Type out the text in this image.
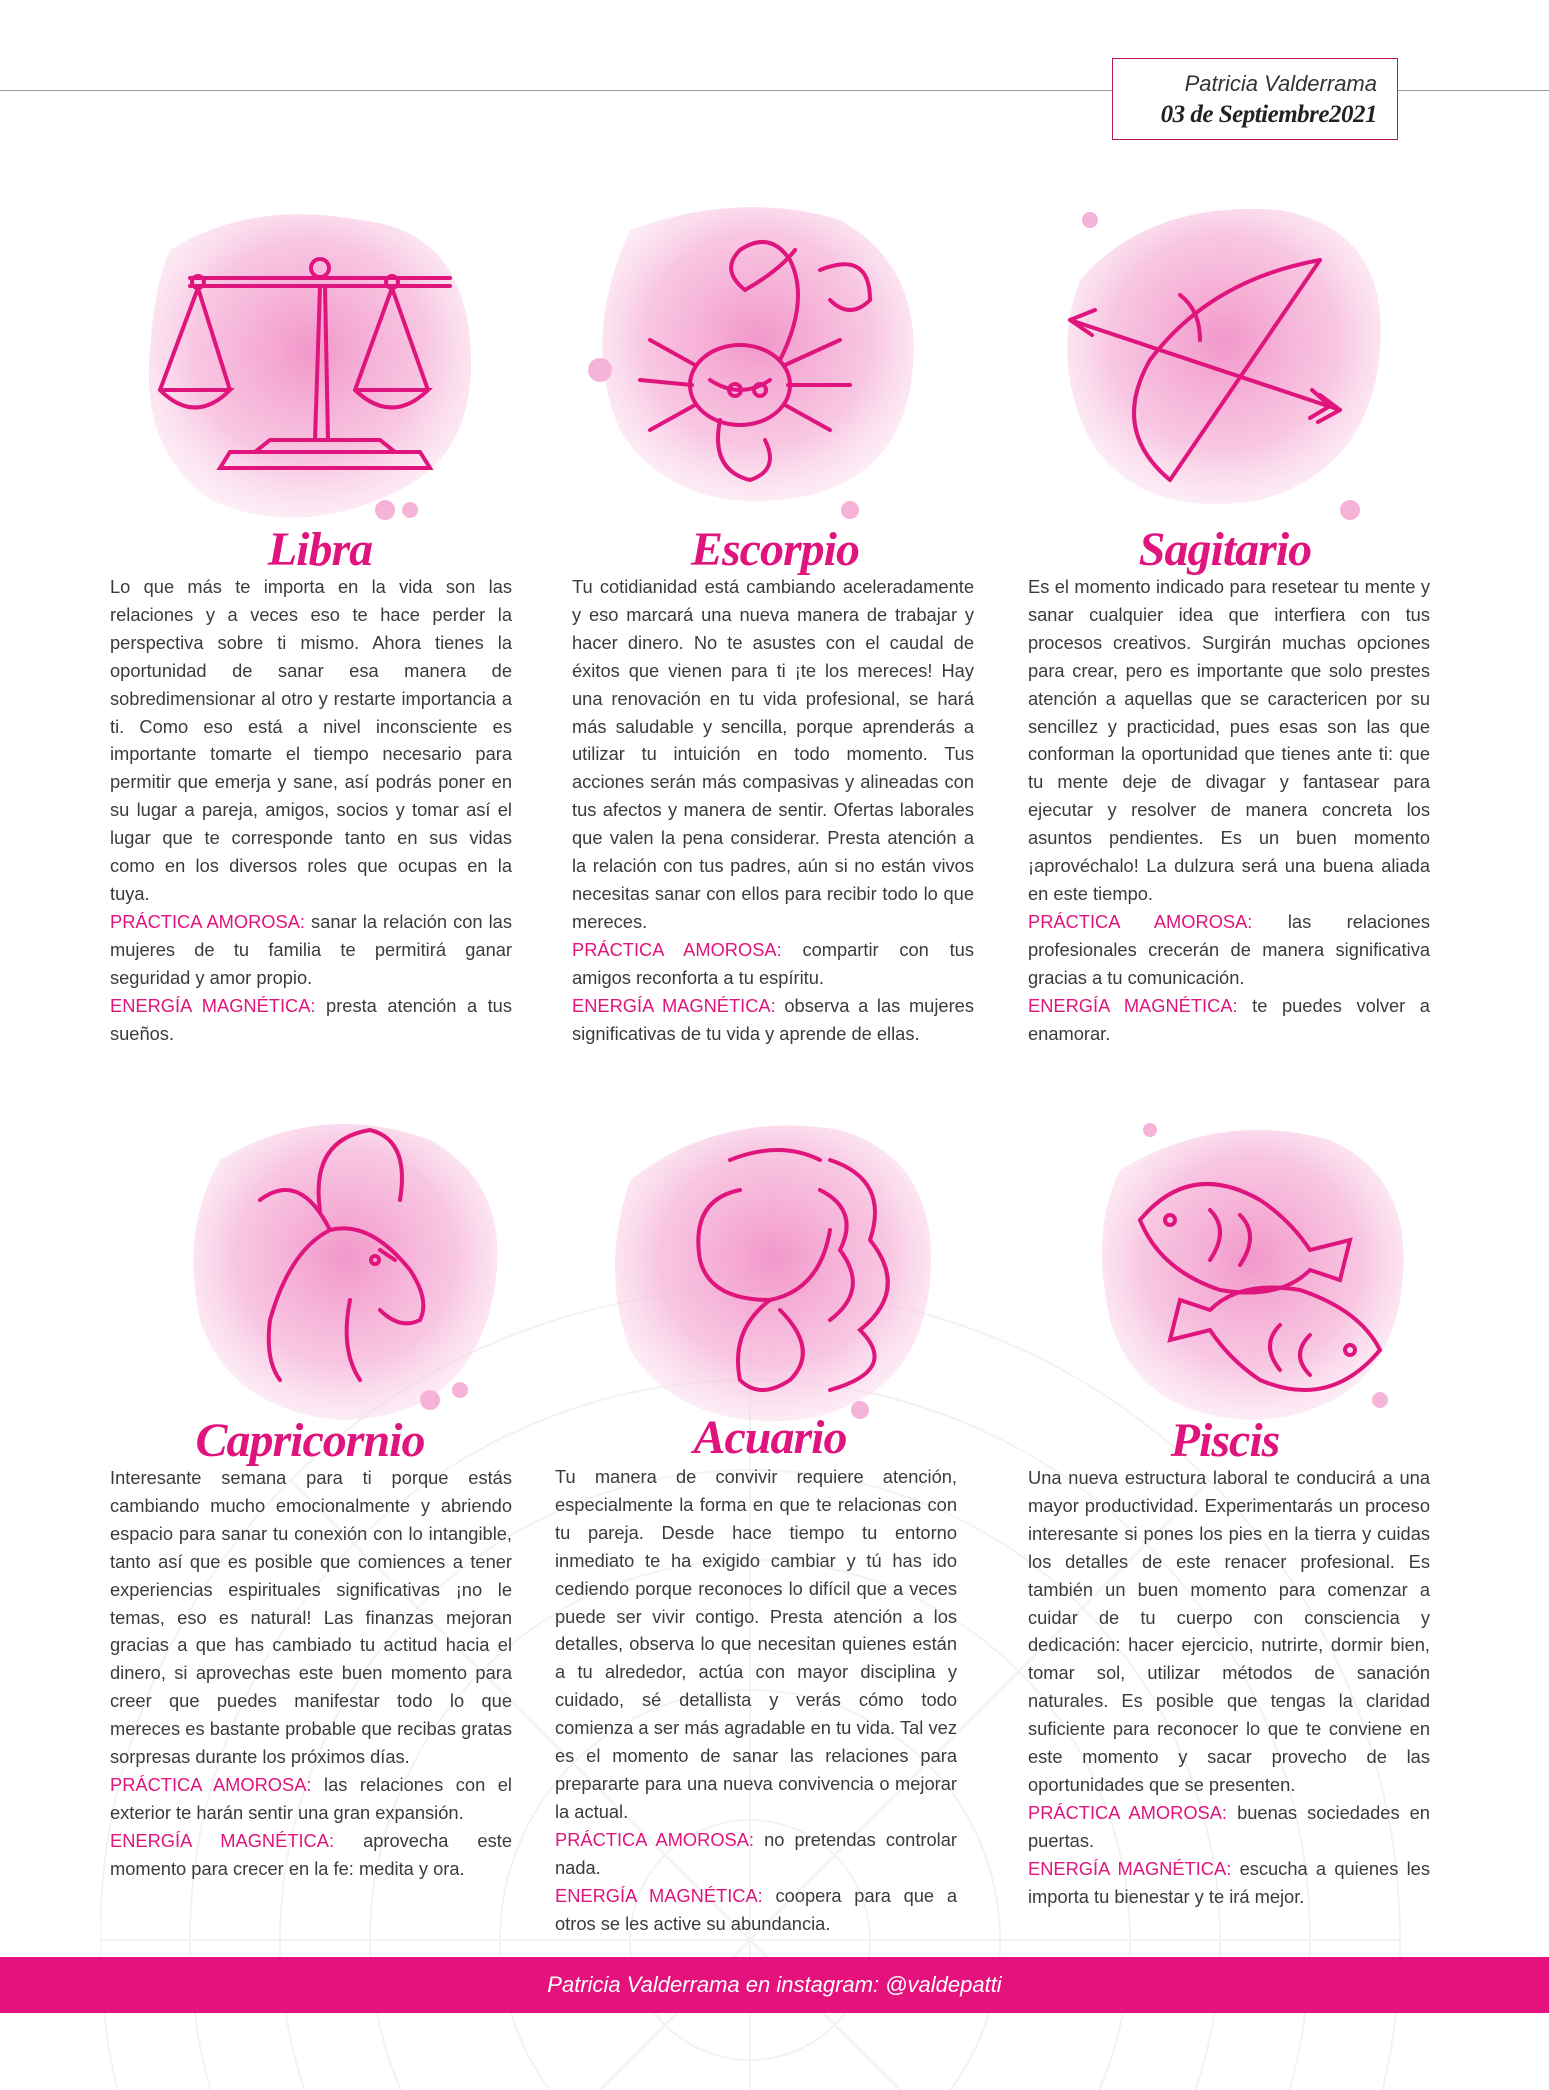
Patricia Valderrama
03 de Septiembre2021
Libra

Lo que más te importa en la vida son las relaciones y a veces eso te hace perder la perspectiva sobre ti mismo. Ahora tienes la oportunidad de sanar esa manera de sobredimensionar al otro y restarte importancia a ti. Como eso está a nivel inconsciente es importante tomarte el tiempo necesario para permitir que emerja y sane, así podrás poner en su lugar a pareja, amigos, socios y tomar así el lugar que te corresponde tanto en sus vidas como en los diversos roles que ocupas en la tuya.

PRÁCTICA AMOROSA: sanar la relación con las mujeres de tu familia te permitirá ganar seguridad y amor propio.

ENERGÍA MAGNÉTICA: presta atención a tus sueños.

Escorpio

Tu cotidianidad está cambiando aceleradamente y eso marcará una nueva manera de trabajar y hacer dinero. No te asustes con el caudal de éxitos que vienen para ti ¡te los mereces! Hay una renovación en tu vida profesional, se hará más saludable y sencilla, porque aprenderás a utilizar tu intuición en todo momento. Tus acciones serán más compasivas y alineadas con tus afectos y manera de sentir. Ofertas laborales que valen la pena considerar. Presta atención a la relación con tus padres, aún si no están vivos necesitas sanar con ellos para recibir todo lo que mereces.

PRÁCTICA AMOROSA: compartir con tus amigos reconforta a tu espíritu.

ENERGÍA MAGNÉTICA: observa a las mujeres significativas de tu vida y aprende de ellas.

Sagitario

Es el momento indicado para resetear tu mente y sanar cualquier idea que interfiera con tus procesos creativos. Surgirán muchas opciones para crear, pero es importante que solo prestes atención a aquellas que se caractericen por su sencillez y practicidad, pues esas son las que conforman la oportunidad que tienes ante ti: que tu mente deje de divagar y fantasear para ejecutar y resolver de manera concreta los asuntos pendientes. Es un buen momento ¡aprovéchalo! La dulzura será una buena aliada en este tiempo.

PRÁCTICA AMOROSA: las relaciones profesionales crecerán de manera significativa gracias a tu comunicación.

ENERGÍA MAGNÉTICA: te puedes volver a enamorar.

Capricornio

Interesante semana para ti porque estás cambiando mucho emocionalmente y abriendo espacio para sanar tu conexión con lo intangible, tanto así que es posible que comiences a tener experiencias espirituales significativas ¡no le temas, eso es natural! Las finanzas mejoran gracias a que has cambiado tu actitud hacia el dinero, si aprovechas este buen momento para creer que puedes manifestar todo lo que mereces es bastante probable que recibas gratas sorpresas durante los próximos días.

PRÁCTICA AMOROSA: las relaciones con el exterior te harán sentir una gran expansión.

ENERGÍA MAGNÉTICA: aprovecha este momento para crecer en la fe: medita y ora.

Acuario

Tu manera de convivir requiere atención, especialmente la forma en que te relacionas con tu pareja. Desde hace tiempo tu entorno inmediato te ha exigido cambiar y tú has ido cediendo porque reconoces lo difícil que a veces puede ser vivir contigo. Presta atención a los detalles, observa lo que necesitan quienes están a tu alrededor, actúa con mayor disciplina y cuidado, sé detallista y verás cómo todo comienza a ser más agradable en tu vida. Tal vez es el momento de sanar las relaciones para prepararte para una nueva convivencia o mejorar la actual.

PRÁCTICA AMOROSA: no pretendas controlar nada.

ENERGÍA MAGNÉTICA: coopera para que a otros se les active su abundancia.

Piscis

Una nueva estructura laboral te conducirá a una mayor productividad. Experimentarás un proceso interesante si pones los pies en la tierra y cuidas los detalles de este renacer profesional. Es también un buen momento para comenzar a cuidar de tu cuerpo con consciencia y dedicación: hacer ejercicio, nutrirte, dormir bien, tomar sol, utilizar métodos de sanación naturales. Es posible que tengas la claridad suficiente para reconocer lo que te conviene en este momento y sacar provecho de las oportunidades que se presenten.

PRÁCTICA AMOROSA: buenas sociedades en puertas.

ENERGÍA MAGNÉTICA: escucha a quienes les importa tu bienestar y te irá mejor.

Patricia Valderrama en instagram: @valdepatti
